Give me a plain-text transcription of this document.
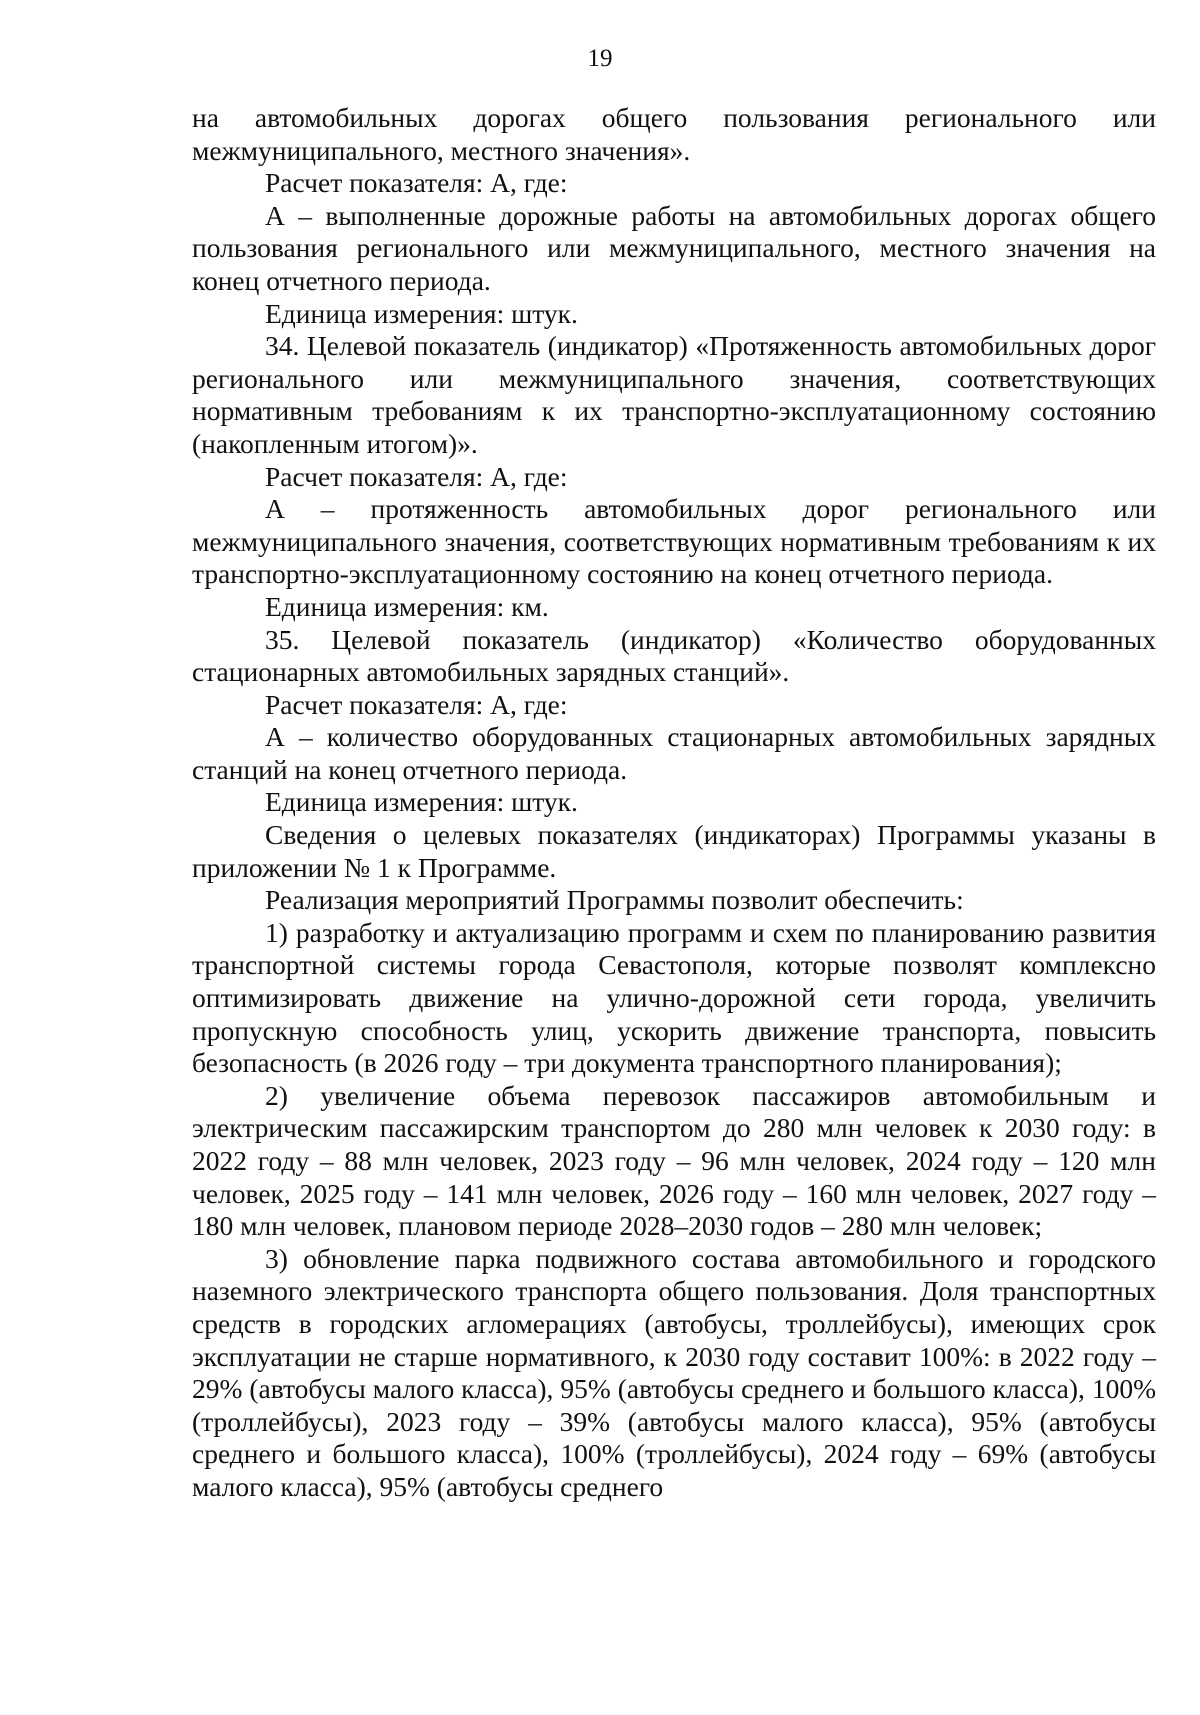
19

на автомобильных дорогах общего пользования регионального или межмуниципального, местного значения».

Расчет показателя: А, где:

А – выполненные дорожные работы на автомобильных дорогах общего пользования регионального или межмуниципального, местного значения на конец отчетного периода.

Единица измерения: штук.

34. Целевой показатель (индикатор) «Протяженность автомобильных дорог регионального или межмуниципального значения, соответствующих нормативным требованиям к их транспортно-эксплуатационному состоянию (накопленным итогом)».

Расчет показателя: А, где:

А – протяженность автомобильных дорог регионального или межмуниципального значения, соответствующих нормативным требованиям к их транспортно-эксплуатационному состоянию на конец отчетного периода.

Единица измерения: км.

35. Целевой показатель (индикатор) «Количество оборудованных стационарных автомобильных зарядных станций».

Расчет показателя: А, где:

А – количество оборудованных стационарных автомобильных зарядных станций на конец отчетного периода.

Единица измерения: штук.

Сведения о целевых показателях (индикаторах) Программы указаны в приложении № 1 к Программе.

Реализация мероприятий Программы позволит обеспечить:

1) разработку и актуализацию программ и схем по планированию развития транспортной системы города Севастополя, которые позволят комплексно оптимизировать движение на улично-дорожной сети города, увеличить пропускную способность улиц, ускорить движение транспорта, повысить безопасность (в 2026 году – три документа транспортного планирования);

2) увеличение объема перевозок пассажиров автомобильным и электрическим пассажирским транспортом до 280 млн человек к 2030 году: в 2022 году – 88 млн человек, 2023 году – 96 млн человек, 2024 году – 120 млн человек, 2025 году – 141 млн человек, 2026 году – 160 млн человек, 2027 году – 180 млн человек, плановом периоде 2028–2030 годов – 280 млн человек;

3) обновление парка подвижного состава автомобильного и городского наземного электрического транспорта общего пользования. Доля транспортных средств в городских агломерациях (автобусы, троллейбусы), имеющих срок эксплуатации не старше нормативного, к 2030 году составит 100%: в 2022 году – 29% (автобусы малого класса), 95% (автобусы среднего и большого класса), 100% (троллейбусы), 2023 году – 39% (автобусы малого класса), 95% (автобусы среднего и большого класса), 100% (троллейбусы), 2024 году – 69% (автобусы малого класса), 95% (автобусы среднего
